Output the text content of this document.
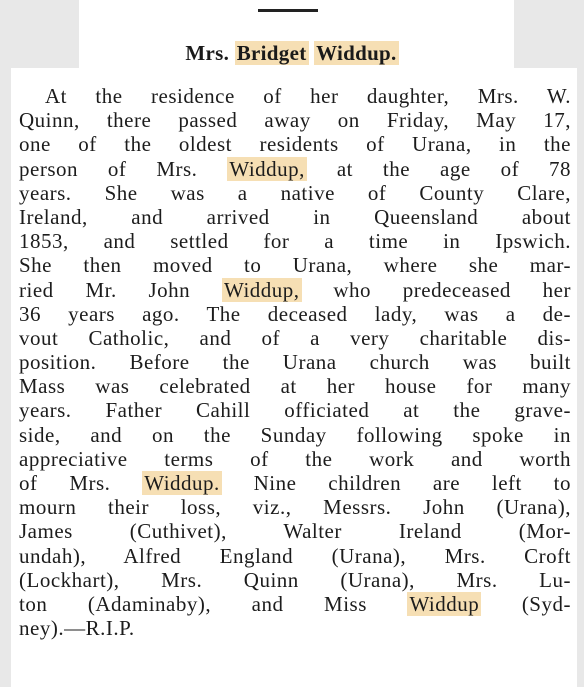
Mrs. Bridget Widdup.
At the residence of her daughter, Mrs. W.
Quinn, there passed away on Friday, May 17,
one of the oldest residents of Urana, in the
person of Mrs. Widdup, at the age of 78
years. She was a native of County Clare,
Ireland, and arrived in Queensland about
1853, and settled for a time in Ipswich.
She then moved to Urana, where she mar-
ried Mr. John Widdup, who predeceased her
36 years ago. The deceased lady, was a de-
vout Catholic, and of a very charitable dis-
position. Before the Urana church was built
Mass was celebrated at her house for many
years. Father Cahill officiated at the grave-
side, and on the Sunday following spoke in
appreciative terms of the work and worth
of Mrs. Widdup. Nine children are left to
mourn their loss, viz., Messrs. John (Urana),
James (Cuthivet), Walter Ireland (Mor-
undah), Alfred England (Urana), Mrs. Croft
(Lockhart), Mrs. Quinn (Urana), Mrs. Lu-
ton (Adaminaby), and Miss Widdup (Syd-
ney).—R.I.P.
